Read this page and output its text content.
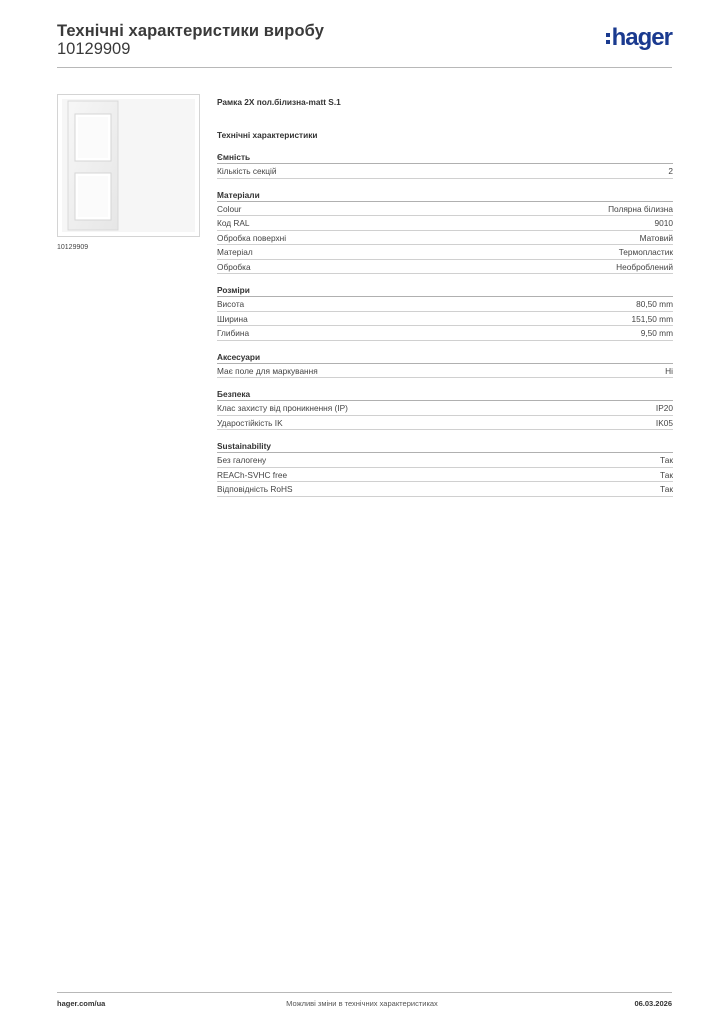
Технічні характеристики виробу
10129909	hager
10129909
Рамка 2X пол.білизна-matt S.1
Технічні характеристики
Ємність
Кількість секцій	2
Матеріали
Colour	Полярна білизна
Код RAL	9010
Обробка поверхні	Матовий
Матеріал	Термопластик
Обробка	Необроблений
Розміри
Висота	80,50 mm
Ширина	151,50 mm
Глибина	9,50 mm
Аксесуари
Має поле для маркування	Ні
Безпека
Клас захисту від проникнення (IP)	IP20
Ударостійкість IK	IK05
Sustainability
Без галогену	Так
REACh-SVHC free	Так
Відповідність RoHS	Так
hager.com/ua	Можливі зміни в технічних характеристиках	06.03.2026
